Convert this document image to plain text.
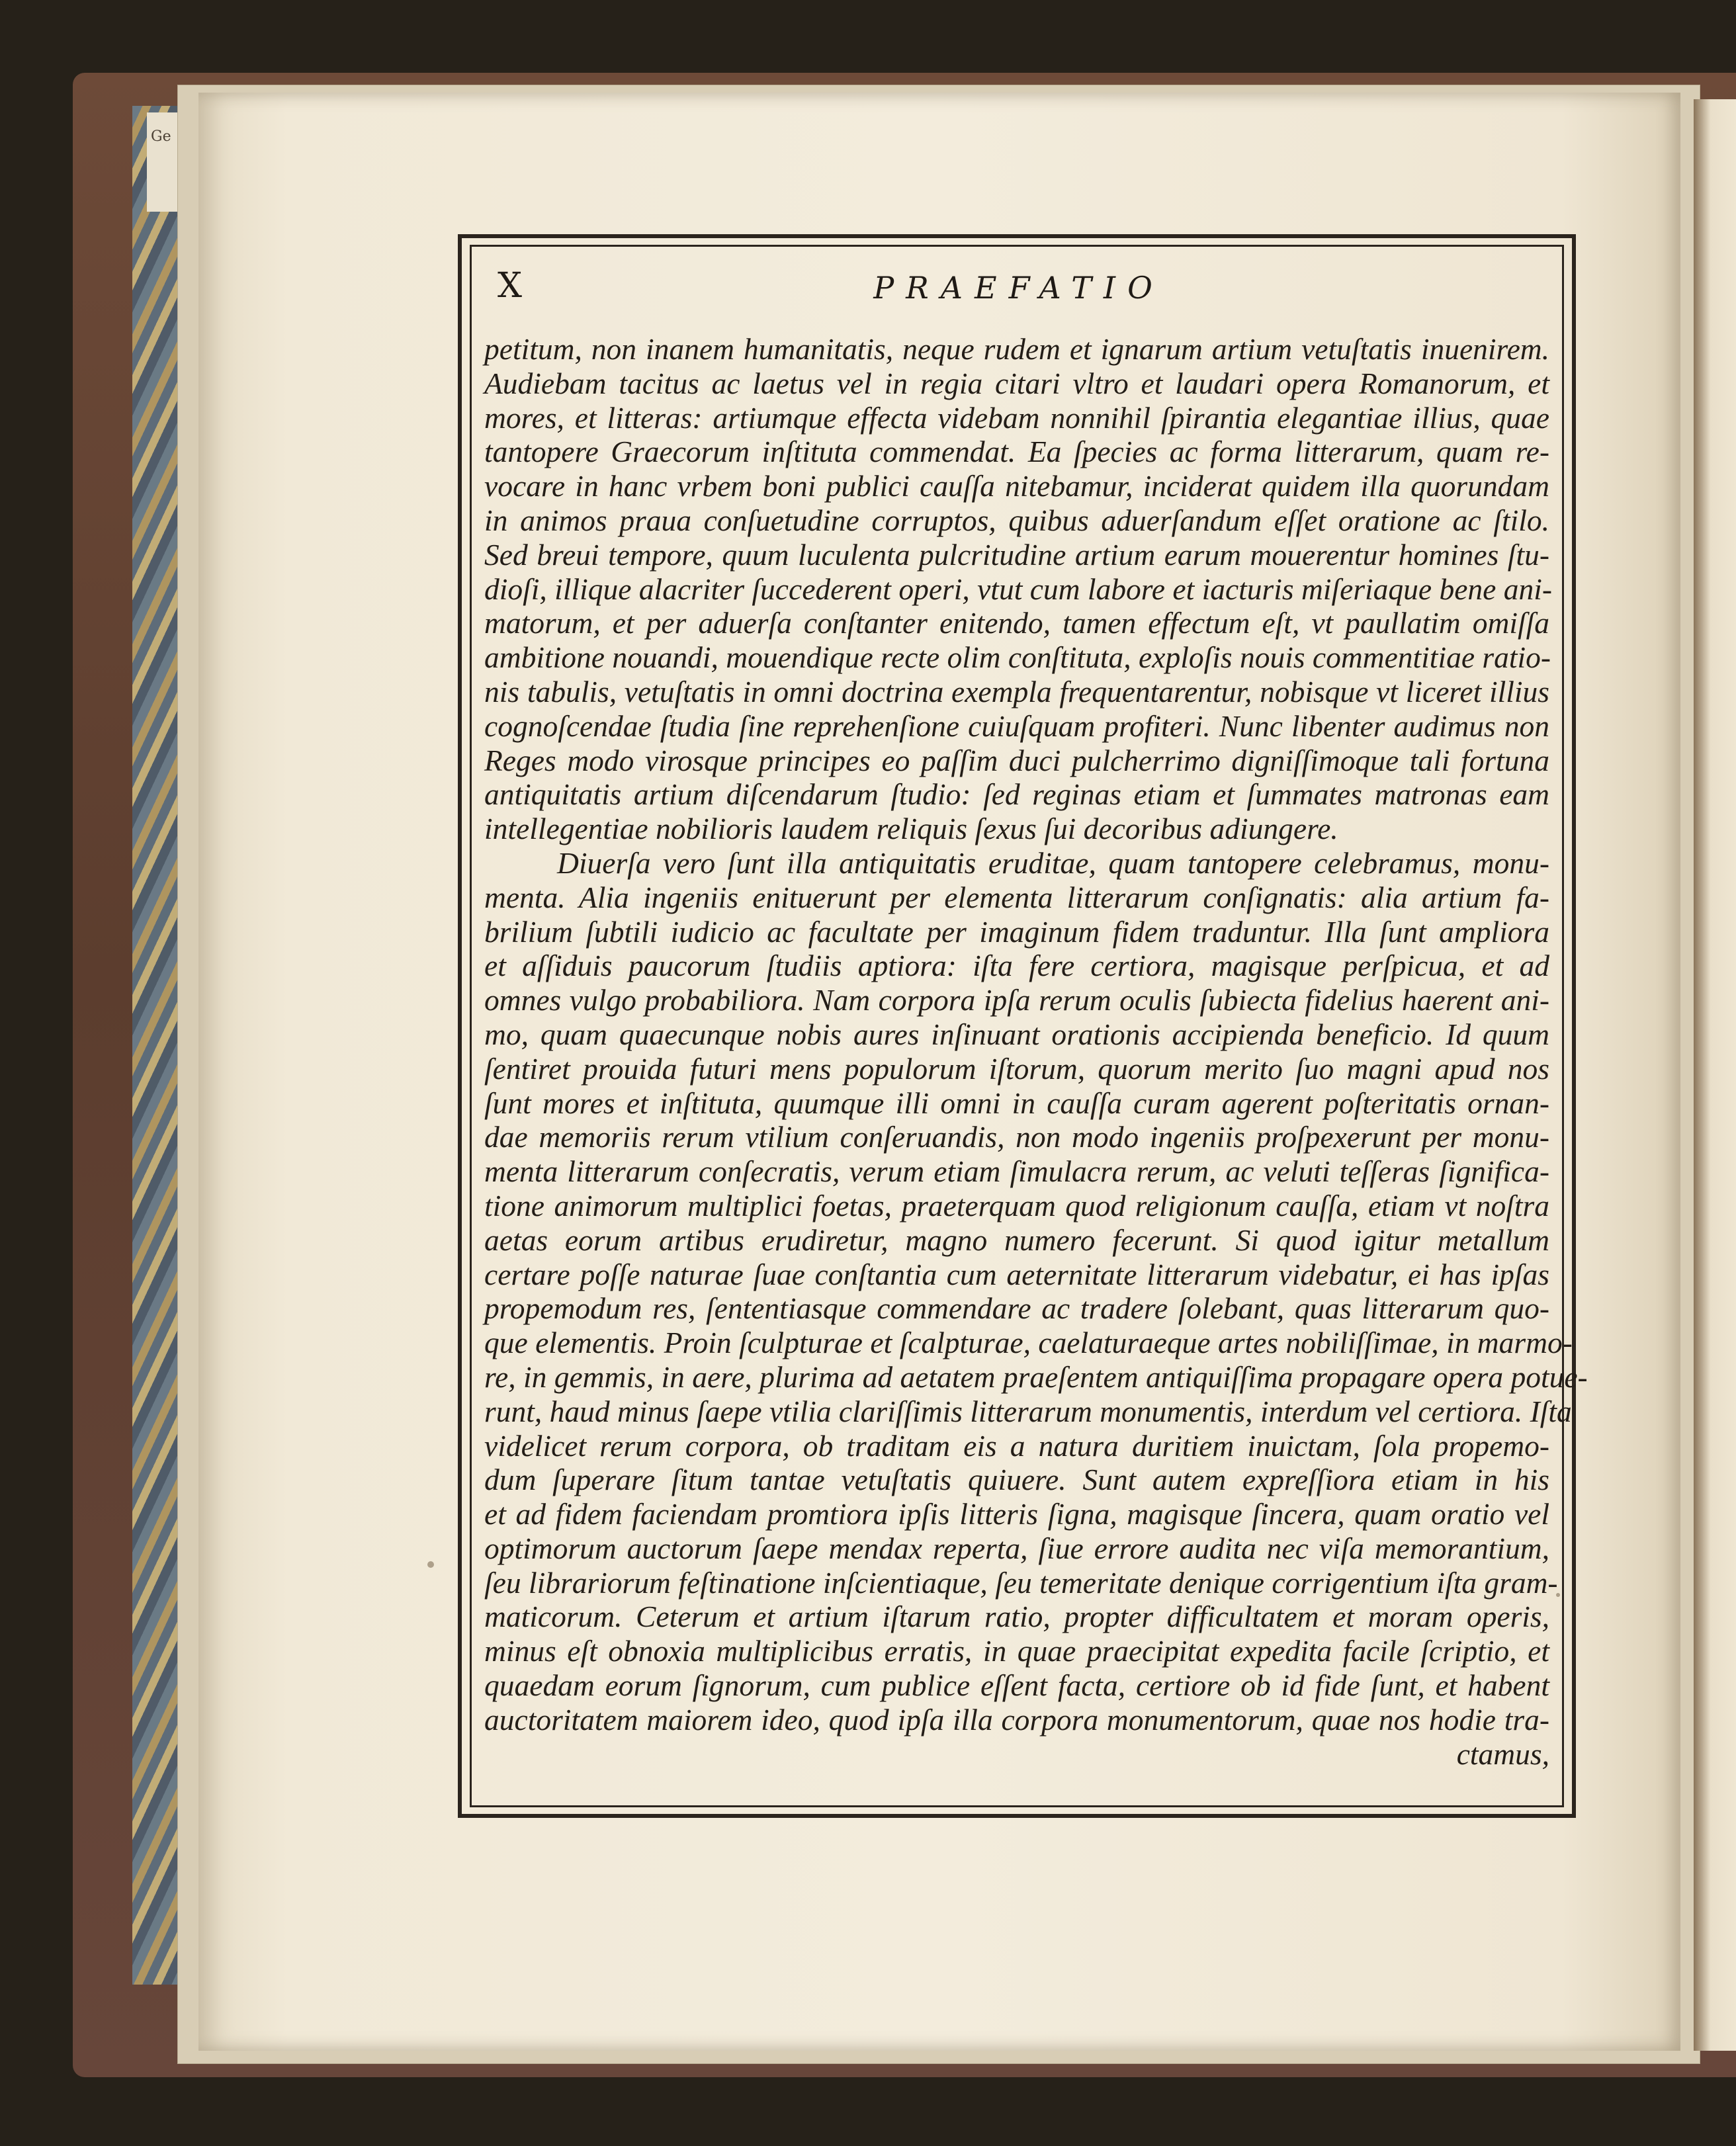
Ge
X	PRAEFATIO
petitum, non inanem humanitatis, neque rudem et ignarum artium vetuſtatis inuenirem.
Audiebam tacitus ac laetus vel in regia citari vltro et laudari opera Romanorum, et
mores, et litteras: artiumque effecta videbam nonnihil ſpirantia elegantiae illius, quae
tantopere Graecorum inſtituta commendat. Ea ſpecies ac forma litterarum, quam re-
vocare in hanc vrbem boni publici cauſſa nitebamur, inciderat quidem illa quorundam
in animos praua conſuetudine corruptos, quibus aduerſandum eſſet oratione ac ſtilo.
Sed breui tempore, quum luculenta pulcritudine artium earum mouerentur homines ſtu-
dioſi, illique alacriter ſuccederent operi, vtut cum labore et iacturis miſeriaque bene ani-
matorum, et per aduerſa conſtanter enitendo, tamen effectum eſt, vt paullatim omiſſa
ambitione nouandi, mouendique recte olim conſtituta, exploſis nouis commentitiae ratio-
nis tabulis, vetuſtatis in omni doctrina exempla frequentarentur, nobisque vt liceret illius
cognoſcendae ſtudia ſine reprehenſione cuiuſquam profiteri. Nunc libenter audimus non
Reges modo virosque principes eo paſſim duci pulcherrimo digniſſimoque tali fortuna
antiquitatis artium diſcendarum ſtudio: ſed reginas etiam et ſummates matronas eam
intellegentiae nobilioris laudem reliquis ſexus ſui decoribus adiungere.
Diuerſa vero ſunt illa antiquitatis eruditae, quam tantopere celebramus, monu-
menta. Alia ingeniis enituerunt per elementa litterarum conſignatis: alia artium fa-
brilium ſubtili iudicio ac facultate per imaginum fidem traduntur. Illa ſunt ampliora
et aſſiduis paucorum ſtudiis aptiora: iſta fere certiora, magisque perſpicua, et ad
omnes vulgo probabiliora. Nam corpora ipſa rerum oculis ſubiecta fidelius haerent ani-
mo, quam quaecunque nobis aures inſinuant orationis accipienda beneficio. Id quum
ſentiret prouida futuri mens populorum iſtorum, quorum merito ſuo magni apud nos
ſunt mores et inſtituta, quumque illi omni in cauſſa curam agerent poſteritatis ornan-
dae memoriis rerum vtilium conſeruandis, non modo ingeniis proſpexerunt per monu-
menta litterarum conſecratis, verum etiam ſimulacra rerum, ac veluti teſſeras ſignifica-
tione animorum multiplici foetas, praeterquam quod religionum cauſſa, etiam vt noſtra
aetas eorum artibus erudiretur, magno numero fecerunt. Si quod igitur metallum
certare poſſe naturae ſuae conſtantia cum aeternitate litterarum videbatur, ei has ipſas
propemodum res, ſententiasque commendare ac tradere ſolebant, quas litterarum quo-
que elementis. Proin ſculpturae et ſcalpturae, caelaturaeque artes nobiliſſimae, in marmo-
re, in gemmis, in aere, plurima ad aetatem praeſentem antiquiſſima propagare opera potue-
runt, haud minus ſaepe vtilia clariſſimis litterarum monumentis, interdum vel certiora. Iſta
videlicet rerum corpora, ob traditam eis a natura duritiem inuictam, ſola propemo-
dum ſuperare ſitum tantae vetuſtatis quiuere. Sunt autem expreſſiora etiam in his
et ad fidem faciendam promtiora ipſis litteris ſigna, magisque ſincera, quam oratio vel
optimorum auctorum ſaepe mendax reperta, ſiue errore audita nec viſa memorantium,
ſeu librariorum feſtinatione inſcientiaque, ſeu temeritate denique corrigentium iſta gram-
maticorum. Ceterum et artium iſtarum ratio, propter difficultatem et moram operis,
minus eſt obnoxia multiplicibus erratis, in quae praecipitat expedita facile ſcriptio, et
quaedam eorum ſignorum, cum publice eſſent facta, certiore ob id fide ſunt, et habent
auctoritatem maiorem ideo, quod ipſa illa corpora monumentorum, quae nos hodie tra-
ctamus,
